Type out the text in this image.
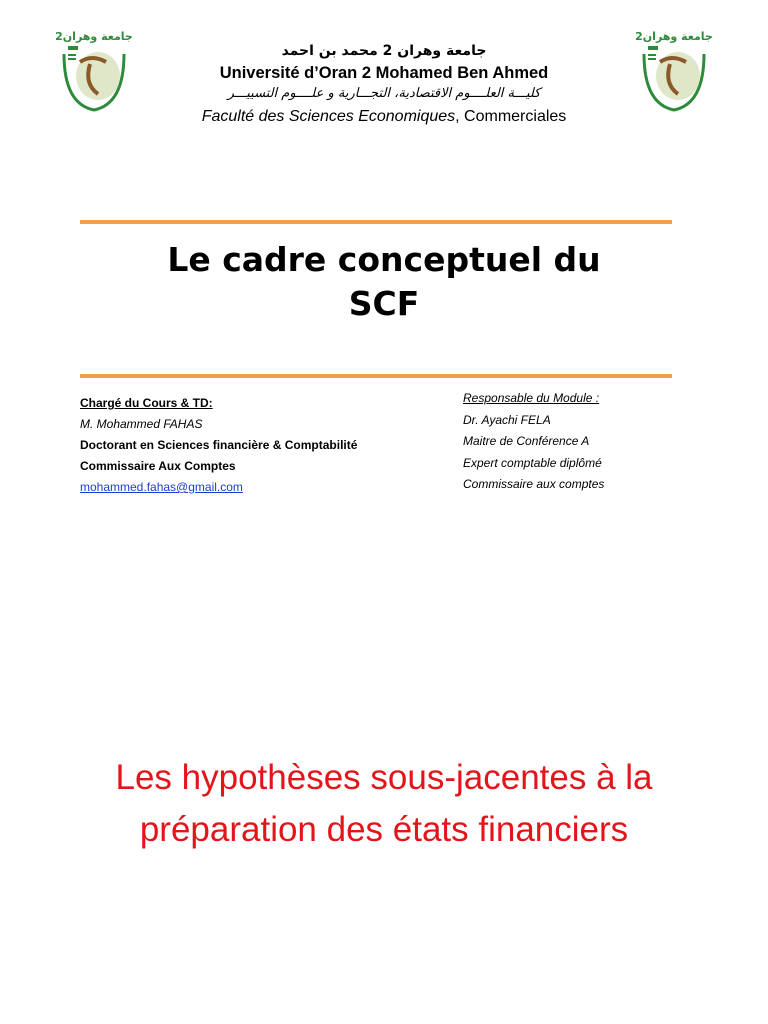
جامعة وهران2	جامعة وهران2
جامعة وهران 2 محمد بن احمد
Université d’Oran 2 Mohamed Ben Ahmed
كليـــة العلــــوم الاقتصادية، التجـــارية و علــــوم التسييـــر
Faculté des Sciences Economiques, Commerciales
Le cadre conceptuel du
SCF
Chargé du Cours & TD:
M. Mohammed FAHAS
Doctorant en Sciences financière & Comptabilité
Commissaire Aux Comptes
mohammed.fahas@gmail.com
Responsable du Module :
Dr. Ayachi FELA
Maitre de Conférence A
Expert comptable diplômé
Commissaire aux comptes
Les hypothèses sous-jacentes à la
préparation des états financiers
